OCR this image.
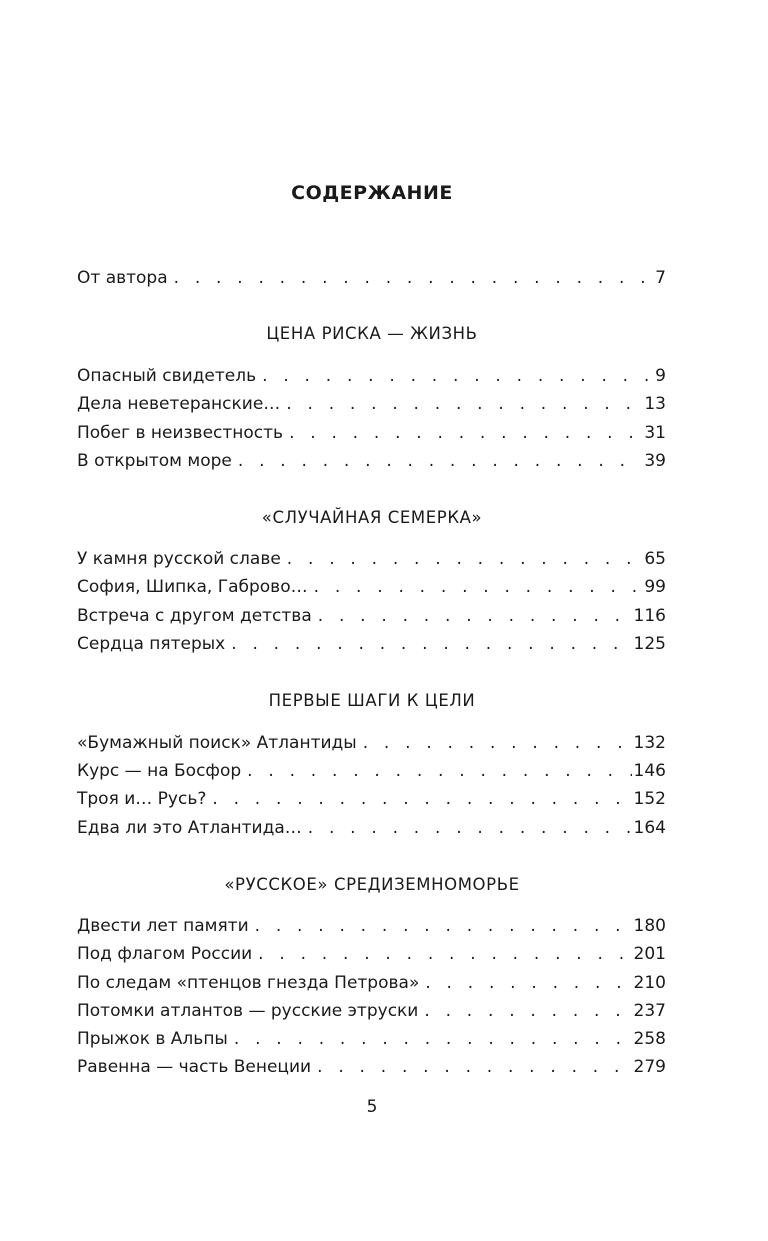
СОДЕРЖАНИЕ
От автора . . .	7
ЦЕНА РИСКА — ЖИЗНЬ
Опасный свидетель . . .	9
Дела неветеранские… . . .	13
Побег в неизвестность . . .	31
В открытом море . . .	39
«СЛУЧАЙНАЯ СЕМЕРКА»
У камня русской славе . . .	65
София, Шипка, Габрово… . . .	99
Встреча с другом детства . . .	116
Сердца пятерых . . .	125
ПЕРВЫЕ ШАГИ К ЦЕЛИ
«Бумажный поиск» Атлантиды . . .	132
Курс — на Босфор . . .	146
Троя и… Русь? . . .	152
Едва ли это Атлантида… . . .	164
«РУССКОЕ» СРЕДИЗЕМНОМОРЬЕ
Двести лет памяти . . .	180
Под флагом России . . .	201
По следам «птенцов гнезда Петрова» . . .	210
Потомки атлантов — русские этруски . . .	237
Прыжок в Альпы . . .	258
Равенна — часть Венеции . . .	279
5
